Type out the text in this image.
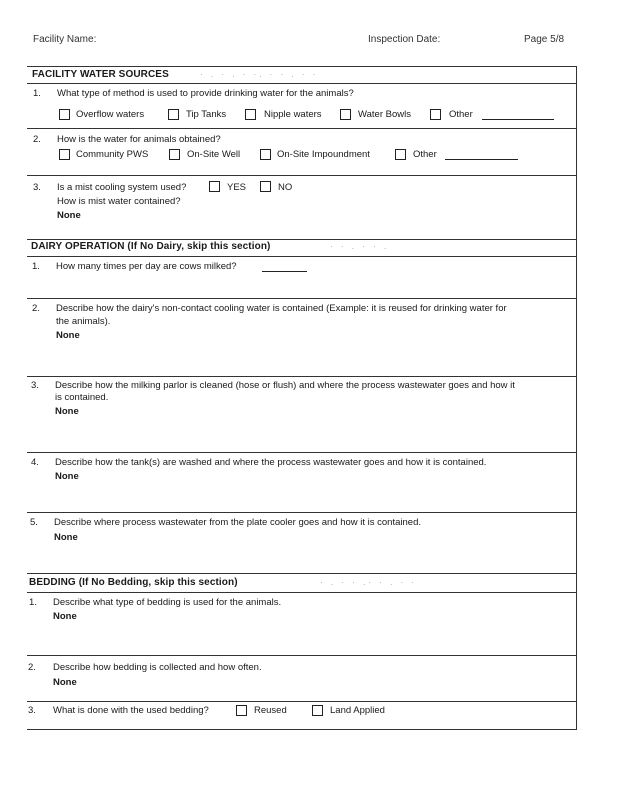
Facility Name:	Inspection Date:	Page 5/8
FACILITY WATER SOURCES	· . · . · ·. · · . · ·
1. What type of method is used to provide drinking water for the animals?
Overflow waters	Tip Tanks	Nipple waters	Water Bowls	Other
2. How is the water for animals obtained?
Community PWS	On-Site Well	On-Site Impoundment	Other
3. Is a mist cooling system used?	YES	NO
How is mist water contained?
None
DAIRY OPERATION (If No Dairy, skip this section)	· · . · · .
1. How many times per day are cows milked?
2. Describe how the dairy's non-contact cooling water is contained (Example: it is reused for drinking water for
the animals).
None
3. Describe how the milking parlor is cleaned (hose or flush) and where the process wastewater goes and how it
is contained.
None
4. Describe how the tank(s) are washed and where the process wastewater goes and how it is contained.
None
5. Describe where process wastewater from the plate cooler goes and how it is contained.
None
BEDDING (If No Bedding, skip this section)	· . · · .· · . · ·
1. Describe what type of bedding is used for the animals.
None
2. Describe how bedding is collected and how often.
None
3. What is done with the used bedding?	Reused	Land Applied
